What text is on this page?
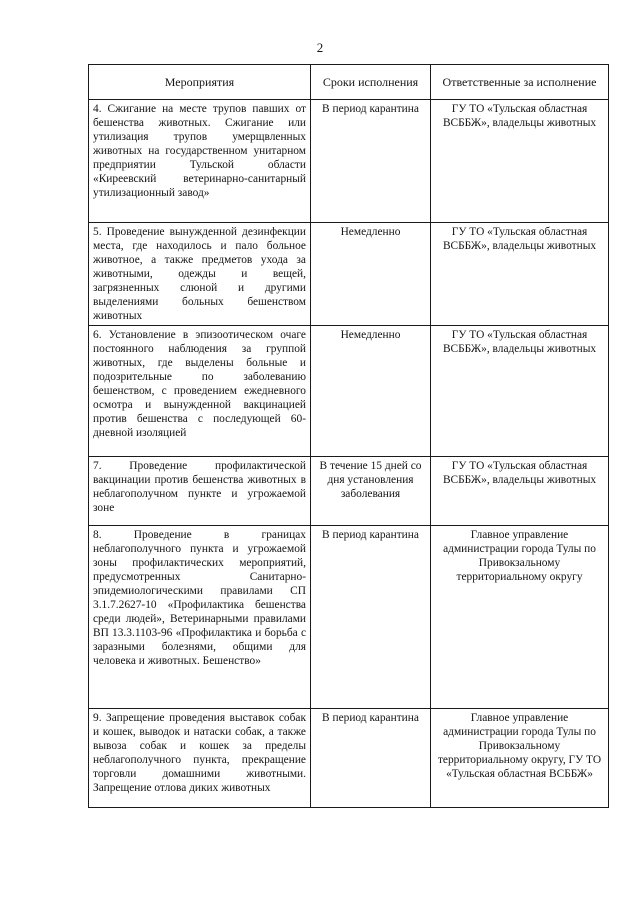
2
Мероприятия	Сроки исполнения	Ответственные за исполнение
4. Сжигание на месте трупов павших от бешенства животных. Сжигание или утилизация трупов умерщвленных животных на государственном унитарном предприятии Тульской области «Киреевский ветеринарно-санитарный утилизационный завод»	В период карантина	ГУ ТО «Тульская областная ВСББЖ», владельцы животных
5. Проведение вынужденной дезинфекции места, где находилось и пало больное животное, а также предметов ухода за животными, одежды и вещей, загрязненных слюной и другими выделениями больных бешенством животных	Немедленно	ГУ ТО «Тульская областная ВСББЖ», владельцы животных
6. Установление в эпизоотическом очаге постоянного наблюдения за группой животных, где выделены больные и подозрительные по заболеванию бешенством, с проведением ежедневного осмотра и вынужденной вакцинацией против бешенства с последующей 60-дневной изоляцией	Немедленно	ГУ ТО «Тульская областная ВСББЖ», владельцы животных
7. Проведение профилактической вакцинации против бешенства животных в неблагополучном пункте и угрожаемой зоне	В течение 15 дней со дня установления заболевания	ГУ ТО «Тульская областная ВСББЖ», владельцы животных
8. Проведение в границах неблагополучного пункта и угрожаемой зоны профилактических мероприятий, предусмотренных Санитарно-эпидемиологическими правилами СП 3.1.7.2627-10 «Профилактика бешенства среди людей», Ветеринарными правилами ВП 13.3.1103-96 «Профилактика и борьба с заразными болезнями, общими для человека и животных. Бешенство»	В период карантина	Главное управление администрации города Тулы по Привокзальному территориальному округу
9. Запрещение проведения выставок собак и кошек, выводок и натаски собак, а также вывоза собак и кошек за пределы неблагополучного пункта, прекращение торговли домашними животными. Запрещение отлова диких животных	В период карантина	Главное управление администрации города Тулы по Привокзальному территориальному округу, ГУ ТО «Тульская областная ВСББЖ»
